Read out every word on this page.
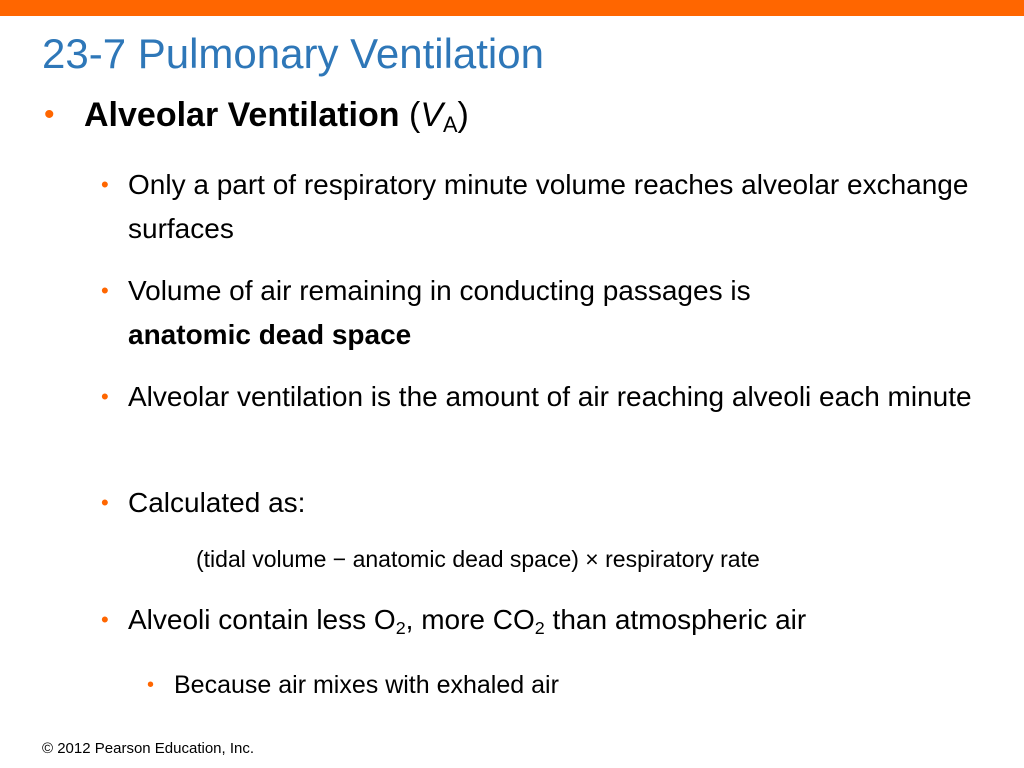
23-7 Pulmonary Ventilation

• Alveolar Ventilation $(V_A)$

• Only a part of respiratory minute volume reaches alveolar exchange surfaces

• Volume of air remaining in conducting passages is
anatomic dead space

• Alveolar ventilation is the amount of air reaching alveoli each minute

• Calculated as:

(tidal volume − anatomic dead space) × respiratory rate

• Alveoli contain less $O_2$, more $CO_2$ than atmospheric air

• Because air mixes with exhaled air

© 2012 Pearson Education, Inc.
